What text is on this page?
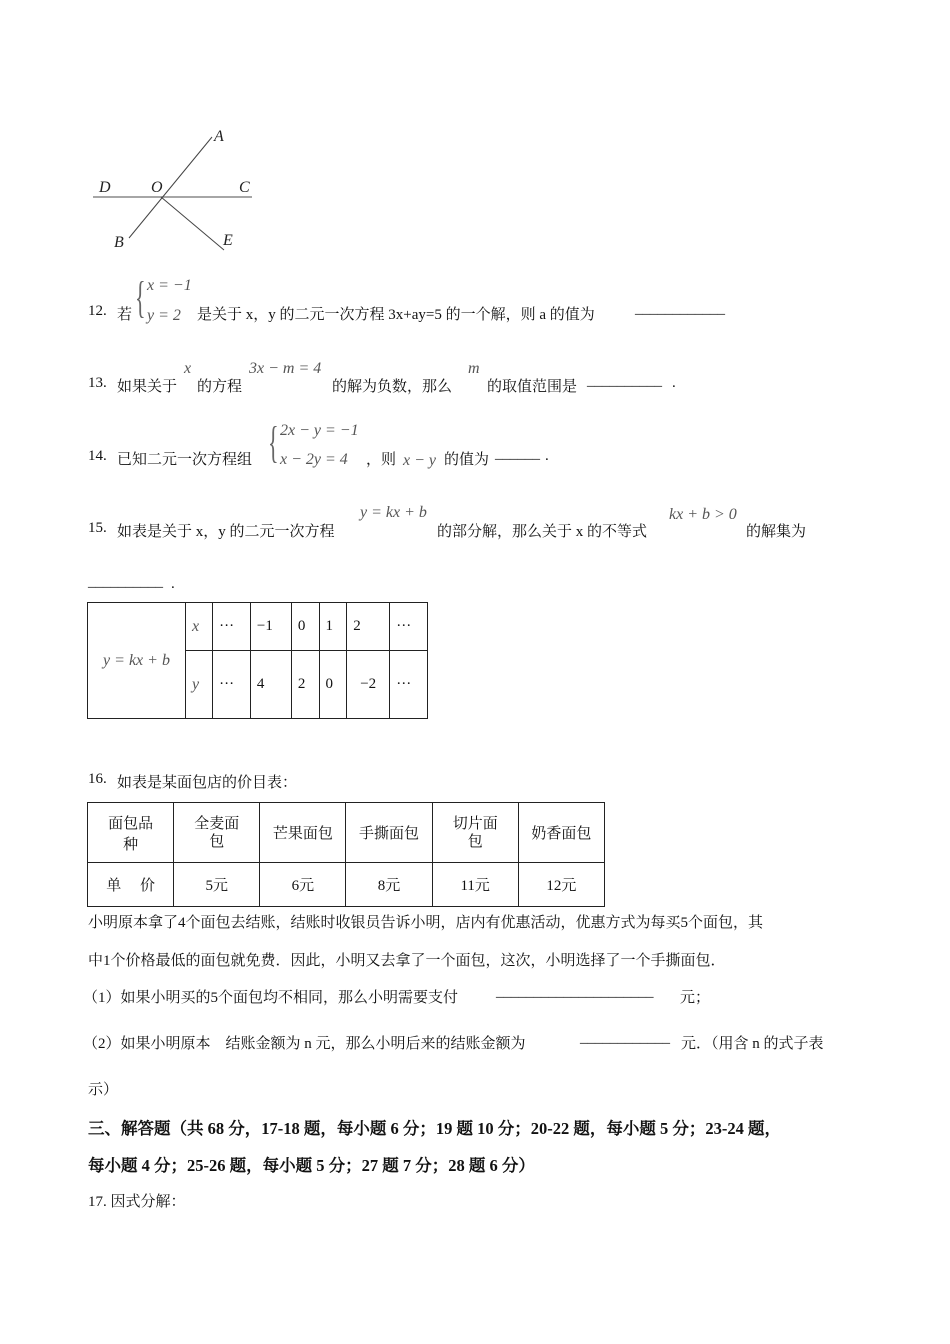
A
D	O	C
B	E
12. 若 { x = −1
y = 2 是关于 x，y 的二元一次方程 3x+ay=5 的一个解，则 a 的值为	____________
13. 如果关于
x
的方程
3x − m = 4
的解为负数，那么
m
的取值范围是 __________ .
14. 已知二元一次方程组 { 2x − y = −1
x − 2y = 4 ，则 x − y 的值为 ______ .
15. 如表是关于 x，y 的二元一次方程
y = kx + b
的部分解，那么关于 x 的不等式
kx + b > 0
的解集为
__________ .
y = kx + b	x	···	−1	0	1	2	···
	y	···	4	2	0	−2	···
16. 如表是某面包店的价目表：
面包品种	全麦面包	芒果面包	手撕面包	切片面包	奶香面包
单　 价	5元	6元	8元	11元	12元
小明原本拿了4个面包去结账，结账时收银员告诉小明，店内有优惠活动，优惠方式为每买5个面包，其
中1个价格最低的面包就免费．因此，小明又去拿了一个面包，这次，小明选择了一个手撕面包．
（1）如果小明买的5个面包均不相同，那么小明需要支付	_____________________ 元；
（2）如果小明原本　结账金额为 n 元，那么小明后来的结账金额为	____________ 元．（用含 n 的式子表
示）
三、解答题（共 68 分，17-18 题，每小题 6 分；19 题 10 分；20-22 题，每小题 5 分；23-24 题，
每小题 4 分；25-26 题，每小题 5 分；27 题 7 分；28 题 6 分）
17. 因式分解：
